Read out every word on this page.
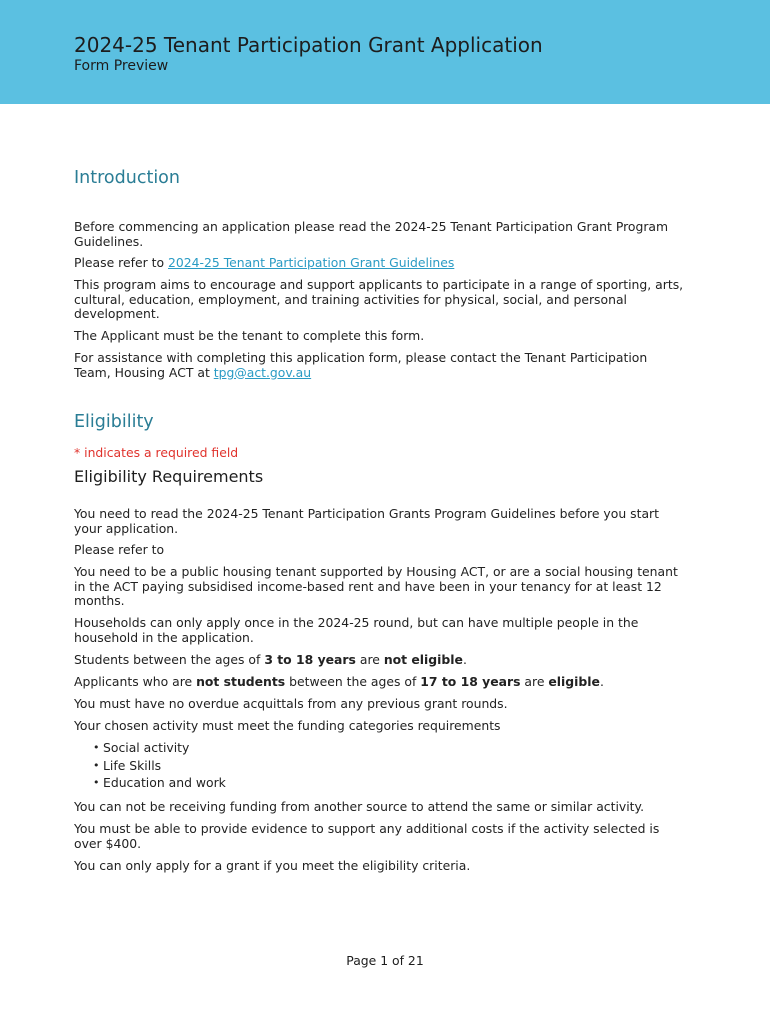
2024-25 Tenant Participation Grant Application
Form Preview
Introduction

Before commencing an application please read the 2024-25 Tenant Participation Grant Program Guidelines.

Please refer to 2024-25 Tenant Participation Grant Guidelines

This program aims to encourage and support applicants to participate in a range of sporting, arts, cultural, education, employment, and training activities for physical, social, and personal development.

The Applicant must be the tenant to complete this form.

For assistance with completing this application form, please contact the Tenant Participation Team, Housing ACT at tpg@act.gov.au

Eligibility

* indicates a required field

Eligibility Requirements

You need to read the 2024-25 Tenant Participation Grants Program Guidelines before you start your application.

Please refer to

You need to be a public housing tenant supported by Housing ACT, or are a social housing tenant in the ACT paying subsidised income-based rent and have been in your tenancy for at least 12 months.

Households can only apply once in the 2024-25 round, but can have multiple people in the household in the application.

Students between the ages of 3 to 18 years are not eligible.

Applicants who are not students between the ages of 17 to 18 years are eligible.

You must have no overdue acquittals from any previous grant rounds.

Your chosen activity must meet the funding categories requirements

• Social activity
• Life Skills
• Education and work

You can not be receiving funding from another source to attend the same or similar activity.

You must be able to provide evidence to support any additional costs if the activity selected is over $400.

You can only apply for a grant if you meet the eligibility criteria.

Page 1 of 21
